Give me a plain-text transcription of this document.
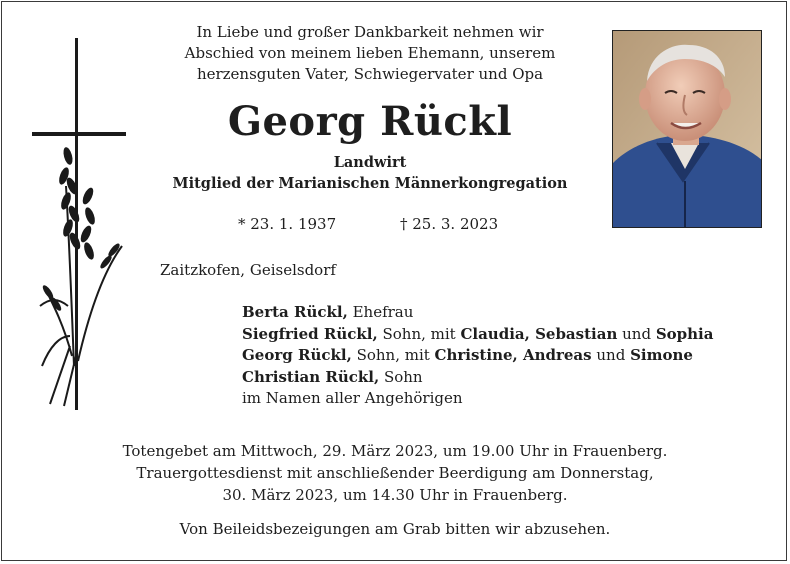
In Liebe und großer Dankbarkeit nehmen wir
Abschied von meinem lieben Ehemann, unserem
herzensguten Vater, Schwiegervater und Opa
Georg Rückl
Landwirt
Mitglied der Marianischen Männerkongregation
* 23. 1. 1937	† 25. 3. 2023
Zaitzkofen, Geiselsdorf
Berta Rückl, Ehefrau
Siegfried Rückl, Sohn, mit Claudia, Sebastian und Sophia
Georg Rückl, Sohn, mit Christine, Andreas und Simone
Christian Rückl, Sohn
im Namen aller Angehörigen
Totengebet am Mittwoch, 29. März 2023, um 19.00 Uhr in Frauenberg.
Trauergottesdienst mit anschließender Beerdigung am Donnerstag,
30. März 2023, um 14.30 Uhr in Frauenberg.
Von Beileidsbezeigungen am Grab bitten wir abzusehen.
